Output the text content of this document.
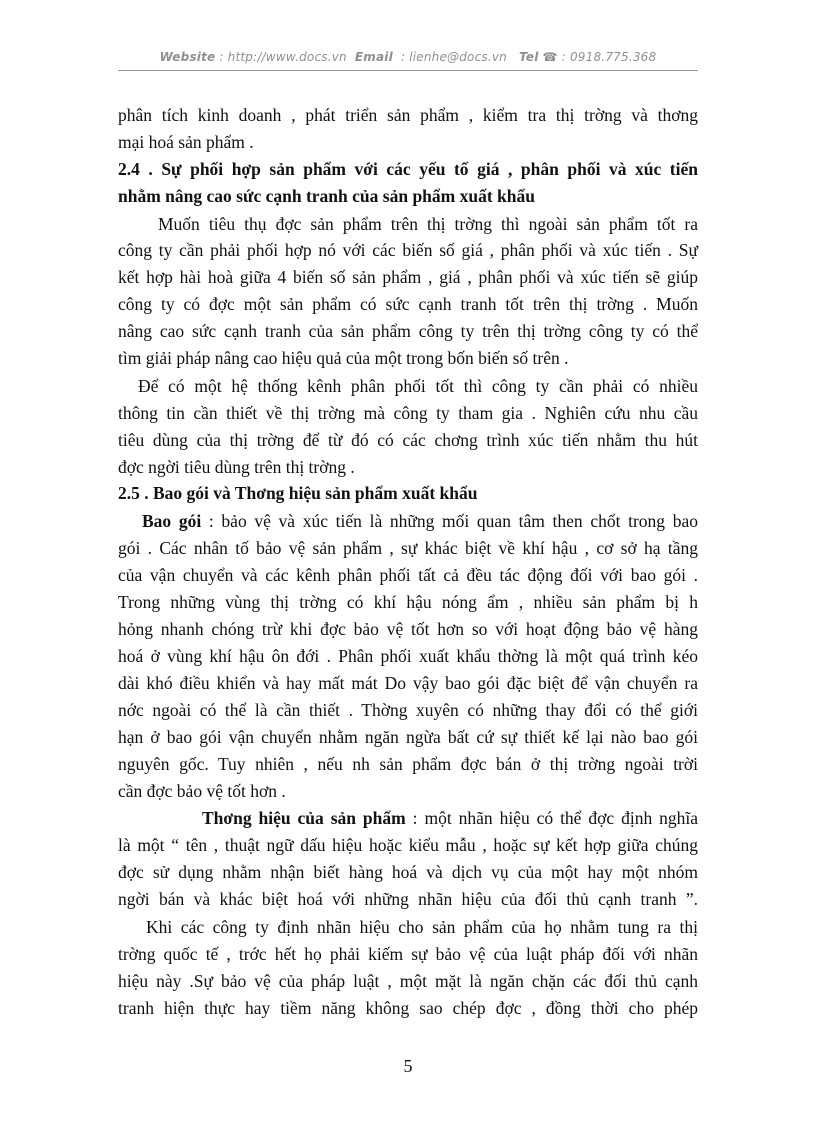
Website : http://www.docs.vn Email : lienhe@docs.vn Tel ☎ : 0918.775.368
phân tích kinh doanh , phát triển sản phẩm , kiểm tra thị trờng và thơng
mại hoá sản phẩm .
2.4 . Sự phối hợp sản phẩm với các yếu tố giá , phân phối và xúc tiến
nhằm nâng cao sức cạnh tranh của sản phẩm xuất khẩu
Muốn tiêu thụ đợc sản phẩm trên thị trờng thì ngoài sản phẩm tốt ra
công ty cần phải phối hợp nó với các biến số giá , phân phối và xúc tiến . Sự
kết hợp hài hoà giữa 4 biến số sản phẩm , giá , phân phối và xúc tiến sẽ giúp
công ty có đợc một sản phẩm có sức cạnh tranh tốt trên thị trờng . Muốn
nâng cao sức cạnh tranh của sản phẩm công ty trên thị trờng công ty có thể
tìm giải pháp nâng cao hiệu quả của một trong bốn biến số trên .
Để có một hệ thống kênh phân phối tốt thì công ty cần phải có nhiều
thông tin cần thiết về thị trờng mà công ty tham gia . Nghiên cứu nhu cầu
tiêu dùng của thị trờng để từ đó có các chơng trình xúc tiến nhằm thu hút
đợc ngời tiêu dùng trên thị trờng .
2.5 . Bao gói và Thơng hiệu sản phẩm xuất khẩu
Bao gói : bảo vệ và xúc tiến là những mối quan tâm then chốt trong bao
gói . Các nhân tố bảo vệ sản phẩm , sự khác biệt về khí hậu , cơ sở hạ tầng
của vận chuyển và các kênh phân phối tất cả đều tác động đối với bao gói .
Trong những vùng thị trờng có khí hậu nóng ẩm , nhiều sản phẩm bị h
hỏng nhanh chóng trừ khi đợc bảo vệ tốt hơn so với hoạt động bảo vệ hàng
hoá ở vùng khí hậu ôn đới . Phân phối xuất khẩu thờng là một quá trình kéo
dài khó điều khiển và hay mất mát Do vậy bao gói đặc biệt để vận chuyển ra
nớc ngoài có thể là cần thiết . Thờng xuyên có những thay đổi có thể giới
hạn ở bao gói vận chuyển nhằm ngăn ngừa bất cứ sự thiết kế lại nào bao gói
nguyên gốc. Tuy nhiên , nếu nh sản phẩm đợc bán ở thị trờng ngoài trời
cần đợc bảo vệ tốt hơn .
Thơng hiệu của sản phẩm : một nhãn hiệu có thể đợc định nghĩa
là một “ tên , thuật ngữ dấu hiệu hoặc kiểu mẫu , hoặc sự kết hợp giữa chúng
đợc sử dụng nhằm nhận biết hàng hoá và dịch vụ của một hay một nhóm
ngời bán và khác biệt hoá với những nhãn hiệu của đối thủ cạnh tranh ”.
Khi các công ty định nhãn hiệu cho sản phẩm của họ nhằm tung ra thị
trờng quốc tế , trớc hết họ phải kiếm sự bảo vệ của luật pháp đối với nhãn
hiệu này .Sự bảo vệ của pháp luật , một mặt là ngăn chặn các đối thủ cạnh
tranh hiện thực hay tiềm năng không sao chép đợc , đồng thời cho phép
5
